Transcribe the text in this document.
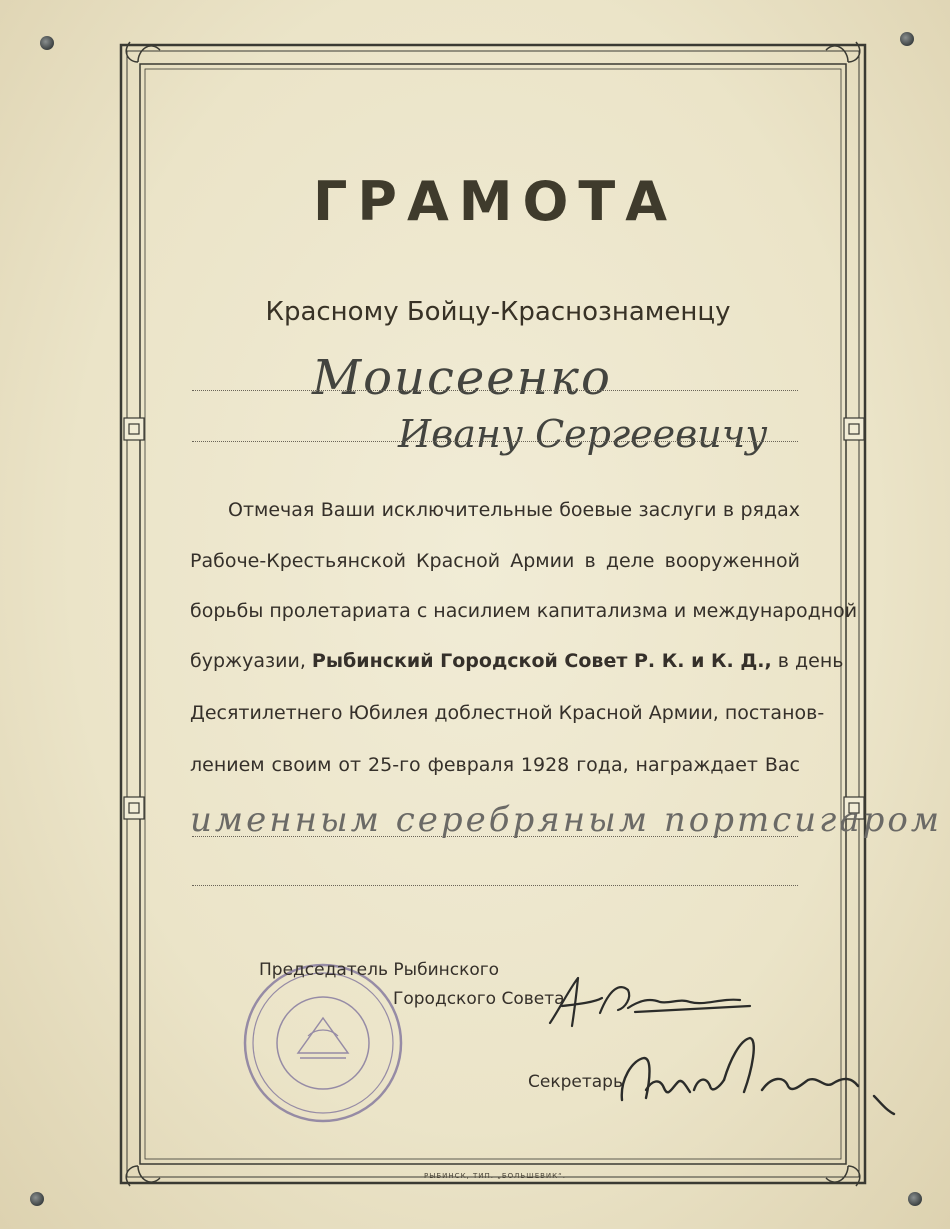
ГРАМОТА
Красному Бойцу-Краснознаменцу
Моисеенко
Ивану Сергеевичу
Отмечая Ваши исключительные боевые заслуги в рядах
Рабоче-Крестьянской Красной Армии в деле вооруженной
борьбы пролетариата с насилием капитализма и международной
буржуазии, Рыбинский Городской Совет Р. К. и К. Д., в день
Десятилетнего Юбилея доблестной Красной Армии, постанов-
лением своим от 25-го февраля 1928 года, награждает Вас
именным серебряным портсигаром
Председатель Рыбинского
Городского Совета
Секретарь
РЫБИНСК, ТИП. „БОЛЬШЕВИК“.
